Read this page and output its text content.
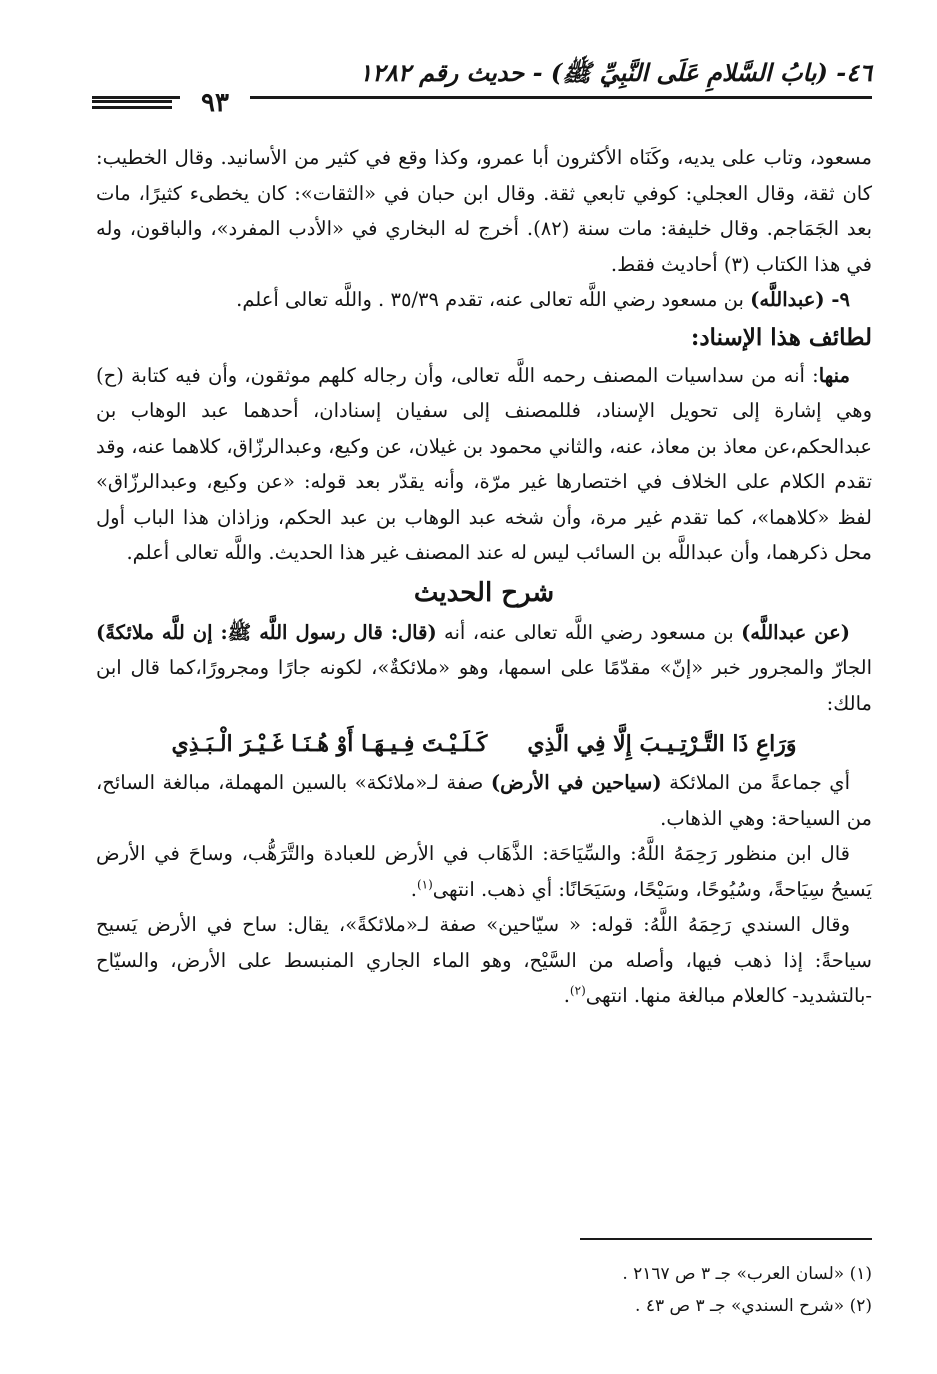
٤٦- (بابُ السَّلامِ عَلَى النَّبِيِّ ﷺ) - حديث رقم ١٢٨٢
٩٣

مسعود، وتاب على يديه، وكَنَاه الأكثرون أبا عمرو، وكذا وقع في كثير من الأسانيد. وقال الخطيب: كان ثقة، وقال العجلي: كوفي تابعي ثقة. وقال ابن حبان في «الثقات»: كان يخطىء كثيرًا، مات بعد الجَمَاجم. وقال خليفة: مات سنة (٨٢). أخرج له البخاري في «الأدب المفرد»، والباقون، وله في هذا الكتاب (٣) أحاديث فقط.

٩- (عبداللَّه) بن مسعود رضي اللَّه تعالى عنه، تقدم ٣٥/٣٩ . واللَّه تعالى أعلم.

لطائف هذا الإسناد:

منها: أنه من سداسيات المصنف رحمه اللَّه تعالى، وأن رجاله كلهم موثقون، وأن فيه كتابة (ح) وهي إشارة إلى تحويل الإسناد، فللمصنف إلى سفيان إسنادان، أحدهما عبد الوهاب بن عبدالحكم،عن معاذ بن معاذ، عنه، والثاني محمود بن غيلان، عن وكيع، وعبدالرزّاق، كلاهما عنه، وقد تقدم الكلام على الخلاف في اختصارها غير مرّة، وأنه يقدّر بعد قوله: «عن وكيع، وعبدالرزّاق» لفظ «كلاهما»، كما تقدم غير مرة، وأن شخه عبد الوهاب بن عبد الحكم، وزاذان هذا الباب أول محل ذكرهما، وأن عبداللَّه بن السائب ليس له عند المصنف غير هذا الحديث. واللَّه تعالى أعلم.

شرح الحديث

(عن عبداللَّه) بن مسعود رضي اللَّه تعالى عنه، أنه (قال: قال رسول اللَّه ﷺ: إن للَّه ملائكةً) الجارّ والمجرور خبر «إنّ» مقدّمًا على اسمها، وهو «ملائكةٌ»، لكونه جارًا ومجرورًا،كما قال ابن مالك:

وَرَاعِ ذَا التَّـرْتِـيـبَ إِلَّا فِي الَّذِي
كَـلَـيْـتَ فِـيـهَـا أَوْ هُـنَـا غَـيْـرَ الْـبَـذِي

أي جماعةً من الملائكة (سياحين في الأرض) صفة لـ«ملائكة» بالسين المهملة، مبالغة السائح، من السياحة: وهي الذهاب.

قال ابن منظور رَحِمَهُ اللَّهُ: والسِّيَاحَة: الذَّهَاب في الأرض للعبادة والتَّرَهُّب، وساحَ في الأرض يَسيحُ سِيَاحةً، وسُيُوحًا، وسَيْحًا، وسَيَحَانًا: أي ذهب. انتهى$^{(١)}$.

وقال السندي رَحِمَهُ اللَّهُ: قوله: « سيّاحين» صفة لـ«ملائكةً»، يقال: ساح في الأرض يَسيح سياحةً: إذا ذهب فيها، وأصله من السَّيْح، وهو الماء الجاري المنبسط على الأرض، والسيّاح -بالتشديد- كالعلام مبالغة منها. انتهى$^{(٢)}$.

(١) «لسان العرب» جـ ٣ ص ٢١٦٧ .

(٢) «شرح السندي» جـ ٣ ص ٤٣ .
